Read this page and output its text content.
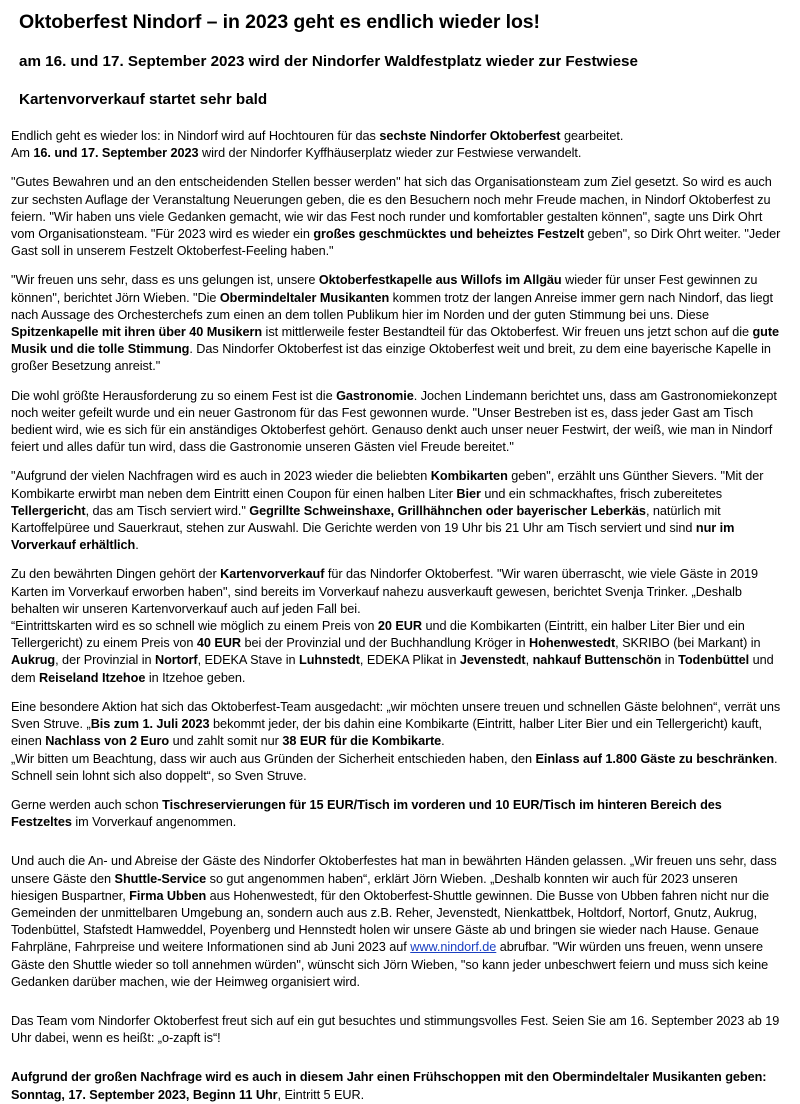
Oktoberfest Nindorf – in 2023 geht es endlich wieder los!
am 16. und 17. September 2023 wird der Nindorfer Waldfestplatz wieder zur Festwiese
Kartenvorverkauf startet sehr bald

Endlich geht es wieder los: in Nindorf wird auf Hochtouren für das sechste Nindorfer Oktoberfest gearbeitet.
Am 16. und 17. September 2023 wird der Nindorfer Kyffhäuserplatz wieder zur Festwiese verwandelt.

"Gutes Bewahren und an den entscheidenden Stellen besser werden" hat sich das Organisationsteam zum Ziel gesetzt. So wird es auch zur sechsten Auflage der Veranstaltung Neuerungen geben, die es den Besuchern noch mehr Freude machen, in Nindorf Oktoberfest zu feiern. "Wir haben uns viele Gedanken gemacht, wie wir das Fest noch runder und komfortabler gestalten können", sagte uns Dirk Ohrt vom Organisationsteam. "Für 2023 wird es wieder ein großes geschmücktes und beheiztes Festzelt geben", so Dirk Ohrt weiter. "Jeder Gast soll in unserem Festzelt Oktoberfest-Feeling haben."

"Wir freuen uns sehr, dass es uns gelungen ist, unsere Oktoberfestkapelle aus Willofs im Allgäu wieder für unser Fest gewinnen zu können", berichtet Jörn Wieben. "Die Obermindeltaler Musikanten kommen trotz der langen Anreise immer gern nach Nindorf, das liegt nach Aussage des Orchesterchefs zum einen an dem tollen Publikum hier im Norden und der guten Stimmung bei uns. Diese Spitzenkapelle mit ihren über 40 Musikern ist mittlerweile fester Bestandteil für das Oktoberfest. Wir freuen uns jetzt schon auf die gute Musik und die tolle Stimmung. Das Nindorfer Oktoberfest ist das einzige Oktoberfest weit und breit, zu dem eine bayerische Kapelle in großer Besetzung anreist."

Die wohl größte Herausforderung zu so einem Fest ist die Gastronomie. Jochen Lindemann berichtet uns, dass am Gastronomiekonzept noch weiter gefeilt wurde und ein neuer Gastronom für das Fest gewonnen wurde. "Unser Bestreben ist es, dass jeder Gast am Tisch bedient wird, wie es sich für ein anständiges Oktoberfest gehört. Genauso denkt auch unser neuer Festwirt, der weiß, wie man in Nindorf feiert und alles dafür tun wird, dass die Gastronomie unseren Gästen viel Freude bereitet."

"Aufgrund der vielen Nachfragen wird es auch in 2023 wieder die beliebten Kombikarten geben", erzählt uns Günther Sievers. "Mit der Kombikarte erwirbt man neben dem Eintritt einen Coupon für einen halben Liter Bier und ein schmackhaftes, frisch zubereitetes Tellergericht, das am Tisch serviert wird." Gegrillte Schweinshaxe, Grillhähnchen oder bayerischer Leberkäs, natürlich mit Kartoffelpüree und Sauerkraut, stehen zur Auswahl. Die Gerichte werden von 19 Uhr bis 21 Uhr am Tisch serviert und sind nur im Vorverkauf erhältlich.

Zu den bewährten Dingen gehört der Kartenvorverkauf für das Nindorfer Oktoberfest. "Wir waren überrascht, wie viele Gäste in 2019 Karten im Vorverkauf erworben haben", sind bereits im Vorverkauf nahezu ausverkauft gewesen, berichtet Svenja Trinker. „Deshalb behalten wir unseren Kartenvorverkauf auch auf jeden Fall bei.
“Eintrittskarten wird es so schnell wie möglich zu einem Preis von 20 EUR und die Kombikarten (Eintritt, ein halber Liter Bier und ein Tellergericht) zu einem Preis von 40 EUR bei der Provinzial und der Buchhandlung Kröger in Hohenwestedt, SKRIBO (bei Markant) in Aukrug, der Provinzial in Nortorf, EDEKA Stave in Luhnstedt, EDEKA Plikat in Jevenstedt, nahkauf Buttenschön in Todenbüttel und dem Reiseland Itzehoe in Itzehoe geben.

Eine besondere Aktion hat sich das Oktoberfest-Team ausgedacht: „wir möchten unsere treuen und schnellen Gäste belohnen“, verrät uns Sven Struve. „Bis zum 1. Juli 2023 bekommt jeder, der bis dahin eine Kombikarte (Eintritt, halber Liter Bier und ein Tellergericht) kauft, einen Nachlass von 2 Euro und zahlt somit nur 38 EUR für die Kombikarte.
„Wir bitten um Beachtung, dass wir auch aus Gründen der Sicherheit entschieden haben, den Einlass auf 1.800 Gäste zu beschränken. Schnell sein lohnt sich also doppelt“, so Sven Struve.

Gerne werden auch schon Tischreservierungen für 15 EUR/Tisch im vorderen und 10 EUR/Tisch im hinteren Bereich des Festzeltes im Vorverkauf angenommen.

Und auch die An- und Abreise der Gäste des Nindorfer Oktoberfestes hat man in bewährten Händen gelassen. „Wir freuen uns sehr, dass unsere Gäste den Shuttle-Service so gut angenommen haben“, erklärt Jörn Wieben. „Deshalb konnten wir auch für 2023 unseren hiesigen Buspartner, Firma Ubben aus Hohenwestedt, für den Oktoberfest-Shuttle gewinnen. Die Busse von Ubben fahren nicht nur die Gemeinden der unmittelbaren Umgebung an, sondern auch aus z.B. Reher, Jevenstedt, Nienkattbek, Holtdorf, Nortorf, Gnutz, Aukrug, Todenbüttel, Stafstedt Hamweddel, Poyenberg und Hennstedt holen wir unsere Gäste ab und bringen sie wieder nach Hause. Genaue Fahrpläne, Fahrpreise und weitere Informationen sind ab Juni 2023 auf www.nindorf.de abrufbar. "Wir würden uns freuen, wenn unsere Gäste den Shuttle wieder so toll annehmen würden", wünscht sich Jörn Wieben, "so kann jeder unbeschwert feiern und muss sich keine Gedanken darüber machen, wie der Heimweg organisiert wird.

Das Team vom Nindorfer Oktoberfest freut sich auf ein gut besuchtes und stimmungsvolles Fest. Seien Sie am 16. September 2023 ab 19 Uhr dabei, wenn es heißt: „o-zapft is“!

Aufgrund der großen Nachfrage wird es auch in diesem Jahr einen Frühschoppen mit den Obermindeltaler Musikanten geben: Sonntag, 17. September 2023, Beginn 11 Uhr, Eintritt 5 EUR.
